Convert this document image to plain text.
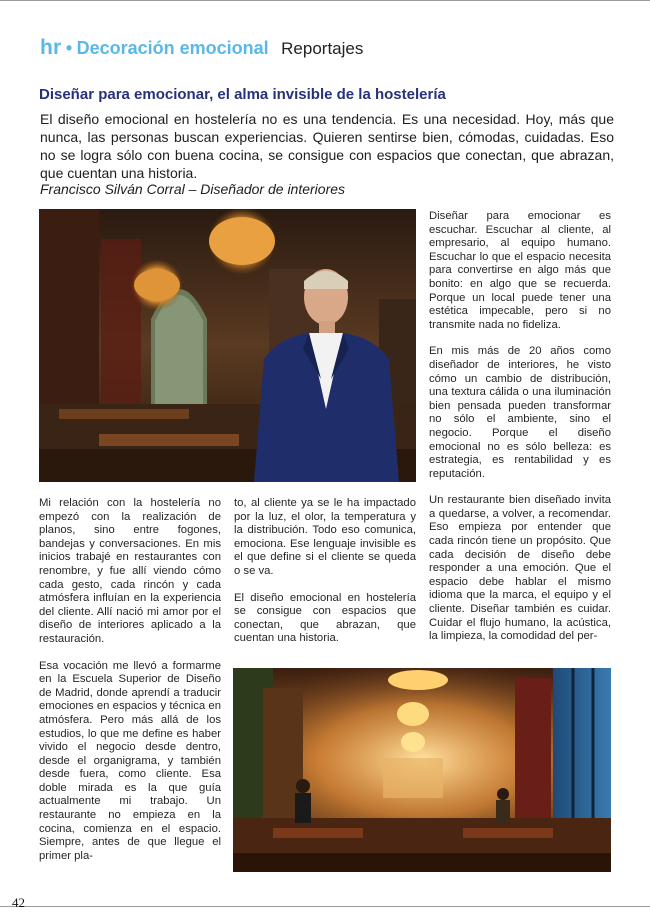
hr • Decoración emocional Reportajes
Diseñar para emocionar, el alma invisible de la hostelería
El diseño emocional en hostelería no es una tendencia. Es una necesidad. Hoy, más que nunca, las personas buscan experiencias. Quieren sentirse bien, cómodas, cuidadas. Eso no se logra sólo con buena cocina, se consigue con espacios que conectan, que abrazan, que cuentan una historia.
Francisco Silván Corral – Diseñador de interiores

Diseñar para emocionar es escuchar. Escuchar al cliente, al empresario, al equipo humano. Escuchar lo que el espacio necesita para convertirse en algo más que bonito: en algo que se recuerda. Porque un local puede tener una estética impecable, pero si no transmite nada no fideliza.

En mis más de 20 años como diseñador de interiores, he visto cómo un cambio de distribución, una textura cálida o una iluminación bien pensada pueden transformar no sólo el ambiente, sino el negocio. Porque el diseño emocional no es sólo belleza: es estrategia, es rentabilidad y es reputación.

Un restaurante bien diseñado invita a quedarse, a volver, a recomendar. Eso empieza por entender que cada rincón tiene un propósito. Que cada decisión de diseño debe responder a una emoción. Que el espacio debe hablar el mismo idioma que la marca, el equipo y el cliente. Diseñar también es cuidar. Cuidar el flujo humano, la acústica, la limpieza, la comodidad del per-

Mi relación con la hostelería no empezó con la realización de planos, sino entre fogones, bandejas y conversaciones. En mis inicios trabajé en restaurantes con renombre, y fue allí viendo cómo cada gesto, cada rincón y cada atmósfera influían en la experiencia del cliente. Allí nació mi amor por el diseño de interiores aplicado a la restauración.

Esa vocación me llevó a formarme en la Escuela Superior de Diseño de Madrid, donde aprendí a traducir emociones en espacios y técnica en atmósfera. Pero más allá de los estudios, lo que me define es haber vivido el negocio desde dentro, desde el organigrama, y también desde fuera, como cliente. Esa doble mirada es la que guía actualmente mi trabajo. Un restaurante no empieza en la cocina, comienza en el espacio. Siempre, antes de que llegue el primer pla-

to, al cliente ya se le ha impactado por la luz, el olor, la temperatura y la distribución. Todo eso comunica, emociona. Ese lenguaje invisible es el que define si el cliente se queda o se va.

El diseño emocional en hostelería se consigue con espacios que conectan, que abrazan, que cuentan una historia.

42
